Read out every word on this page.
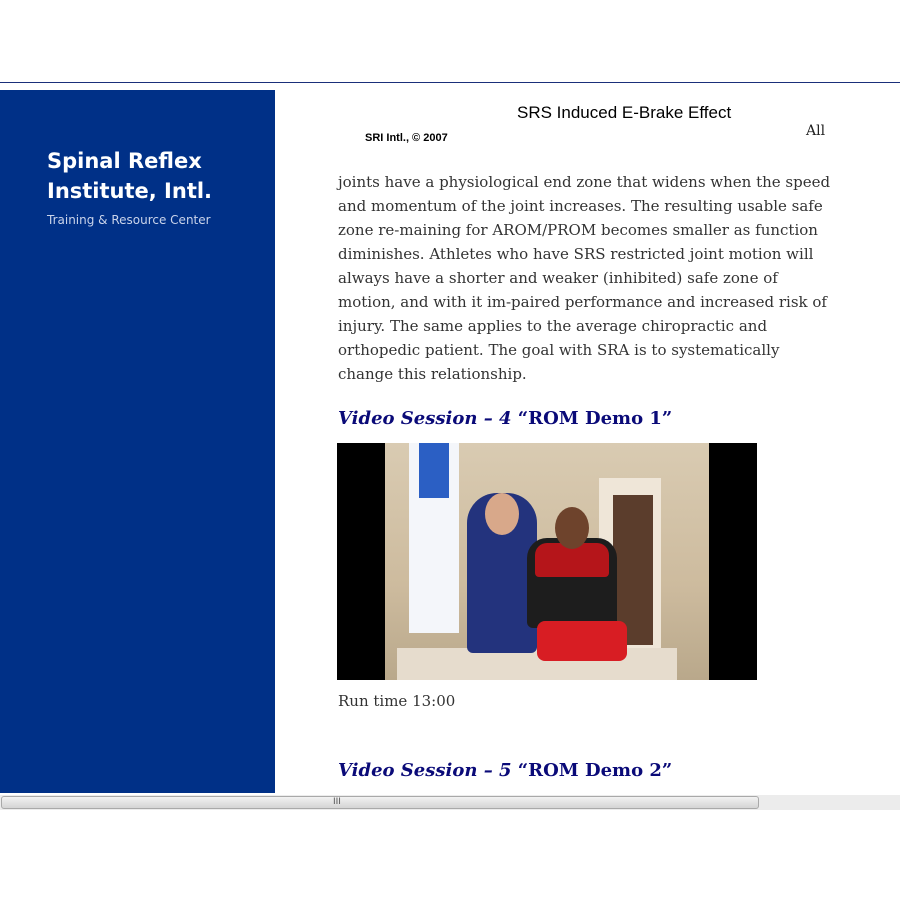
Spinal Reflex
Institute, Intl.
Training & Resource Center
SRS Induced E-Brake Effect
SRI Intl., © 2007	All

joints have a physiological end zone that widens when the speed and momentum of the joint increases. The resulting usable safe zone re-maining for AROM/PROM becomes smaller as function diminishes. Athletes who have SRS restricted joint motion will always have a shorter and weaker (inhibited) safe zone of motion, and with it im-paired performance and increased risk of injury. The same applies to the average chiropractic and orthopedic patient. The goal with SRA is to systematically change this relationship.

Video Session – 4 “ROM Demo 1”
Run time 13:00
Video Session – 5 “ROM Demo 2”
III
